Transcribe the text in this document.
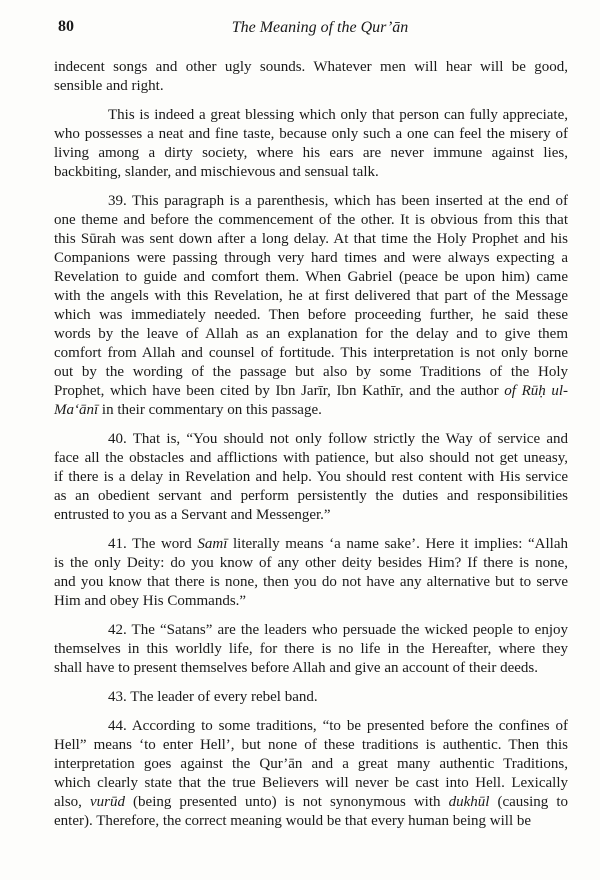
80	The Meaning of the Qur’ān
indecent songs and other ugly sounds. Whatever men will hear will be good,
sensible and right.
This is indeed a great blessing which only that person can fully appreciate,
who possesses a neat and fine taste, because only such a one can feel the misery of
living among a dirty society, where his ears are never immune against lies,
backbiting, slander, and mischievous and sensual talk.
39. This paragraph is a parenthesis, which has been inserted at the end of
one theme and before the commencement of the other. It is obvious from this that
this Sūrah was sent down after a long delay. At that time the Holy Prophet and his
Companions were passing through very hard times and were always expecting a
Revelation to guide and comfort them. When Gabriel (peace be upon him) came
with the angels with this Revelation, he at first delivered that part of the Message
which was immediately needed. Then before proceeding further, he said these
words by the leave of Allah as an explanation for the delay and to give them
comfort from Allah and counsel of fortitude. This interpretation is not only borne
out by the wording of the passage but also by some Traditions of the Holy
Prophet, which have been cited by Ibn Jarīr, Ibn Kathīr, and the author of Rūḥ ul-
Ma‘ānī in their commentary on this passage.
40. That is, “You should not only follow strictly the Way of service and
face all the obstacles and afflictions with patience, but also should not get uneasy,
if there is a delay in Revelation and help. You should rest content with His service
as an obedient servant and perform persistently the duties and responsibilities
entrusted to you as a Servant and Messenger.”
41. The word Samī literally means ‘a name sake’. Here it implies: “Allah
is the only Deity: do you know of any other deity besides Him? If there is none,
and you know that there is none, then you do not have any alternative but to serve
Him and obey His Commands.”
42. The “Satans” are the leaders who persuade the wicked people to enjoy
themselves in this worldly life, for there is no life in the Hereafter, where they
shall have to present themselves before Allah and give an account of their deeds.
43. The leader of every rebel band.
44. According to some traditions, “to be presented before the confines of
Hell” means ‘to enter Hell’, but none of these traditions is authentic. Then this
interpretation goes against the Qur’ān and a great many authentic Traditions,
which clearly state that the true Believers will never be cast into Hell. Lexically
also, vurūd (being presented unto) is not synonymous with dukhūl (causing to
enter). Therefore, the correct meaning would be that every human being will be
